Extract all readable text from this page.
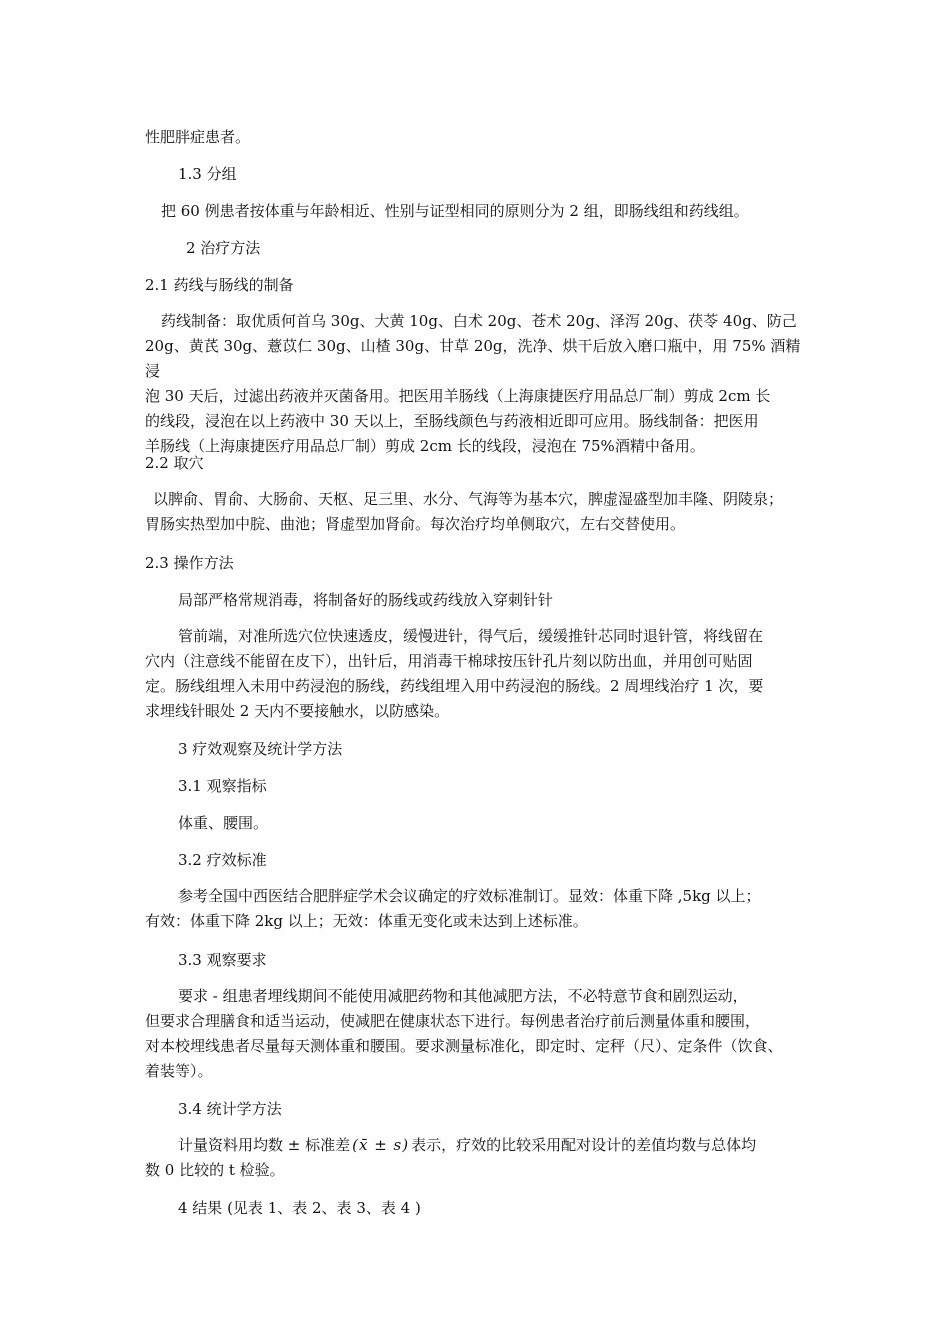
性肥胖症患者。
1.3 分组
把 60 例患者按体重与年龄相近、性别与证型相同的原则分为 2 组，即肠线组和药线组。
2 治疗方法
2.1 药线与肠线的制备
药线制备：取优质何首乌 30g、大黄 10g、白术 20g、苍术 20g、泽泻 20g、茯苓 40g、防己
20g、黄芪 30g、薏苡仁 30g、山楂 30g、甘草 20g，洗净、烘干后放入磨口瓶中，用 75% 酒精浸
泡 30 天后，过滤出药液并灭菌备用。把医用羊肠线（上海康捷医疗用品总厂制）剪成 2cm 长
的线段，浸泡在以上药液中 30 天以上，至肠线颜色与药液相近即可应用。肠线制备：把医用
羊肠线（上海康捷医疗用品总厂制）剪成 2cm 长的线段，浸泡在 75%酒精中备用。
2.2 取穴
以脾俞、胃俞、大肠俞、天枢、足三里、水分、气海等为基本穴，脾虚湿盛型加丰隆、阴陵泉；
胃肠实热型加中脘、曲池；肾虚型加肾俞。每次治疗均单侧取穴，左右交替使用。
2.3 操作方法
局部严格常规消毒，将制备好的肠线或药线放入穿刺针针
管前端，对准所选穴位快速透皮，缓慢进针，得气后，缓缓推针芯同时退针管，将线留在
穴内（注意线不能留在皮下），出针后，用消毒干棉球按压针孔片刻以防出血，并用创可贴固
定。肠线组埋入未用中药浸泡的肠线，药线组埋入用中药浸泡的肠线。2 周埋线治疗 1 次，要
求埋线针眼处 2 天内不要接触水，以防感染。
3 疗效观察及统计学方法
3.1 观察指标
体重、腰围。
3.2 疗效标准
参考全国中西医结合肥胖症学术会议确定的疗效标准制订。显效：体重下降 ,5kg 以上；
有效：体重下降 2kg 以上；无效：体重无变化或未达到上述标准。
3.3 观察要求
要求 - 组患者埋线期间不能使用减肥药物和其他减肥方法，不必特意节食和剧烈运动，
但要求合理膳食和适当运动，使减肥在健康状态下进行。每例患者治疗前后测量体重和腰围，
对本校埋线患者尽量每天测体重和腰围。要求测量标准化，即定时、定秤（尺）、定条件（饮食、
着装等）。
3.4 统计学方法
计量资料用均数 ± 标准差 (x̄ ± s) 表示，疗效的比较采用配对设计的差值均数与总体均
数 0 比较的 t 检验。
4 结果 (见表 1、表 2、表 3、表 4 )
